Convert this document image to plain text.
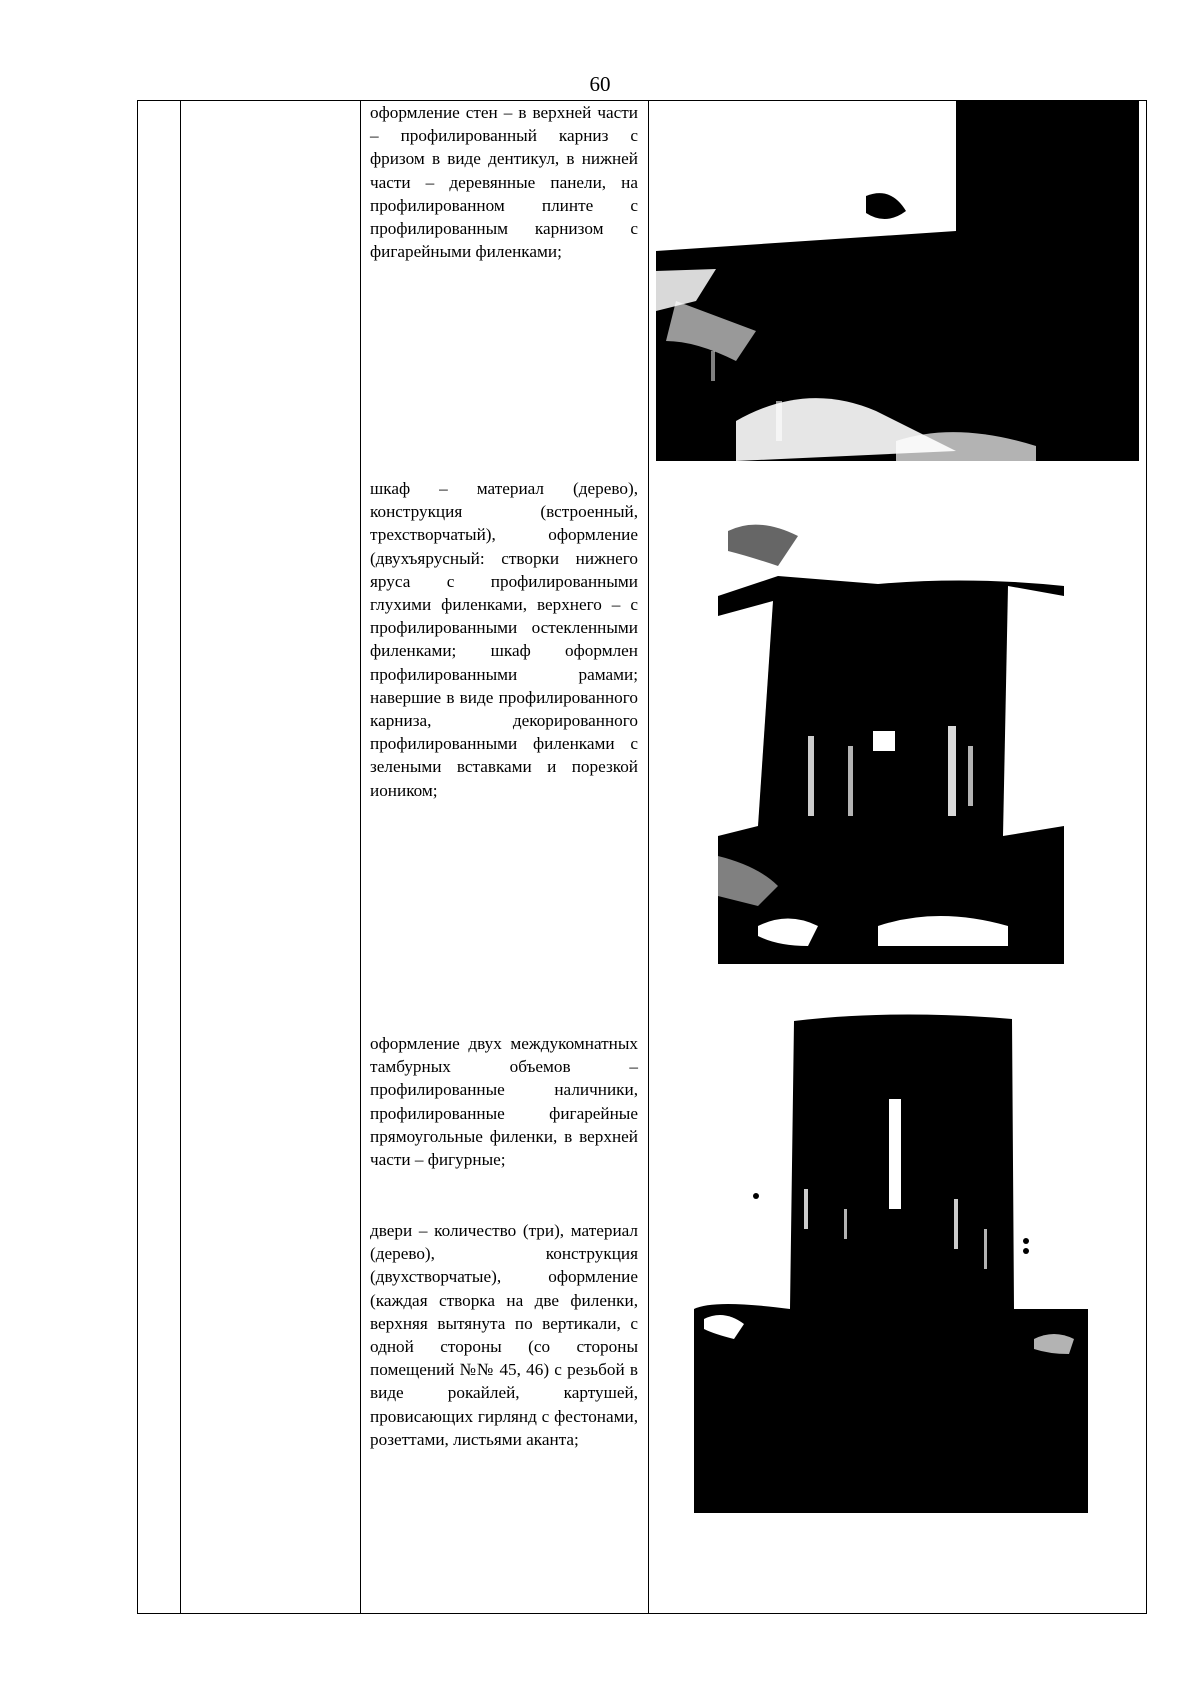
60
оформление стен – в верхней части – профилированный карниз с фризом в виде дентикул, в нижней части – деревянные панели, на профилированном плинте с профилированным карнизом с фигарейными филенками;
шкаф – материал (дерево), конструкция (встроенный, трехстворчатый), оформление (двухъярусный: створки нижнего яруса с профилированными глухими филенками, верхнего – с профилированными остекленными филенками; шкаф оформлен профилированными рамами; навершие в виде профилированного карниза, декорированного профилированными филенками с зелеными вставками и порезкой иоником;
оформление двух междукомнатных тамбурных объемов – профилированные наличники, профилированные фигарейные прямоугольные филенки, в верхней части – фигурные;
двери – количество (три), материал (дерево), конструкция (двухстворчатые), оформление (каждая створка на две филенки, верхняя вытянута по вертикали, с одной стороны (со стороны помещений №№ 45, 46) с резьбой в виде рокайлей, картушей, провисающих гирлянд с фестонами, розеттами, листьями аканта;
